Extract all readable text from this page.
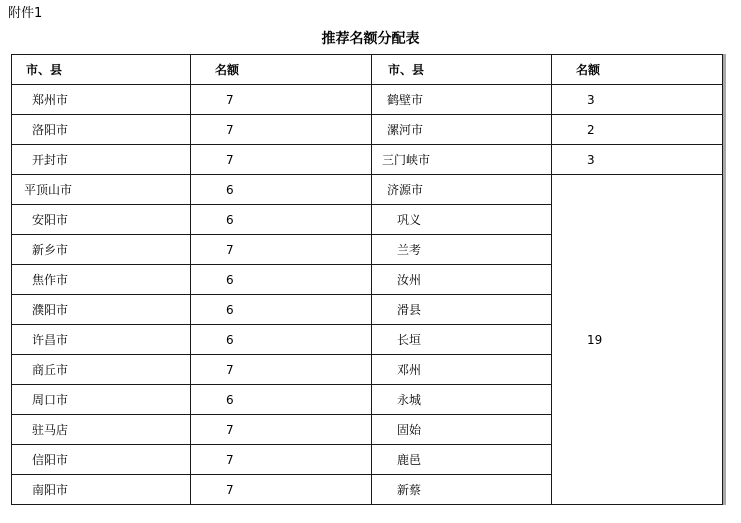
附件1
推荐名额分配表
市、县	名额	市、县	名额
郑州市	7	鹤壁市	3
洛阳市	7	漯河市	2
开封市	7	三门峡市	3
平顶山市	6	济源市	19
安阳市	6	巩义	
新乡市	7	兰考	
焦作市	6	汝州	
濮阳市	6	滑县	
许昌市	6	长垣	
商丘市	7	邓州	
周口市	6	永城	
驻马店	7	固始	
信阳市	7	鹿邑	
南阳市	7	新蔡	
